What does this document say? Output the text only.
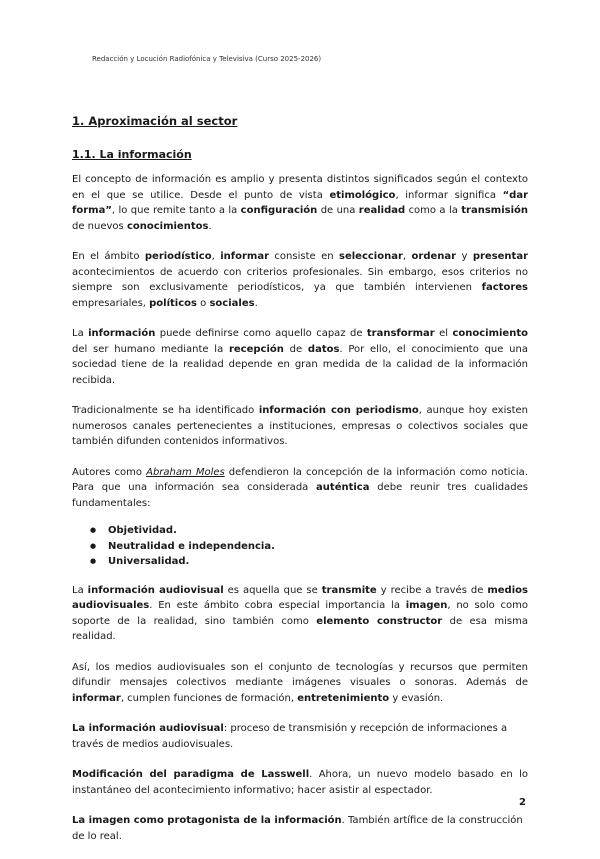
Redacción y Locución Radiofónica y Televisiva (Curso 2025-2026)
1. Aproximación al sector
1.1. La información

El concepto de información es amplio y presenta distintos significados según el contexto en el que se utilice. Desde el punto de vista etimológico, informar significa “dar forma”, lo que remite tanto a la configuración de una realidad como a la transmisión de nuevos conocimientos.

En el ámbito periodístico, informar consiste en seleccionar, ordenar y presentar acontecimientos de acuerdo con criterios profesionales. Sin embargo, esos criterios no siempre son exclusivamente periodísticos, ya que también intervienen factores empresariales, políticos o sociales.

La información puede definirse como aquello capaz de transformar el conocimiento del ser humano mediante la recepción de datos. Por ello, el conocimiento que una sociedad tiene de la realidad depende en gran medida de la calidad de la información recibida.

Tradicionalmente se ha identificado información con periodismo, aunque hoy existen numerosos canales pertenecientes a instituciones, empresas o colectivos sociales que también difunden contenidos informativos.

Autores como Abraham Moles defendieron la concepción de la información como noticia. Para que una información sea considerada auténtica debe reunir tres cualidades fundamentales:

● Objetividad.
● Neutralidad e independencia.
● Universalidad.

La información audiovisual es aquella que se transmite y recibe a través de medios audiovisuales. En este ámbito cobra especial importancia la imagen, no solo como soporte de la realidad, sino también como elemento constructor de esa misma realidad.

Así, los medios audiovisuales son el conjunto de tecnologías y recursos que permiten difundir mensajes colectivos mediante imágenes visuales o sonoras. Además de informar, cumplen funciones de formación, entretenimiento y evasión.

La información audiovisual: proceso de transmisión y recepción de informaciones a través de medios audiovisuales.

Modificación del paradigma de Lasswell. Ahora, un nuevo modelo basado en lo instantáneo del acontecimiento informativo; hacer asistir al espectador.

La imagen como protagonista de la información. También artífice de la construcción de lo real.

2
